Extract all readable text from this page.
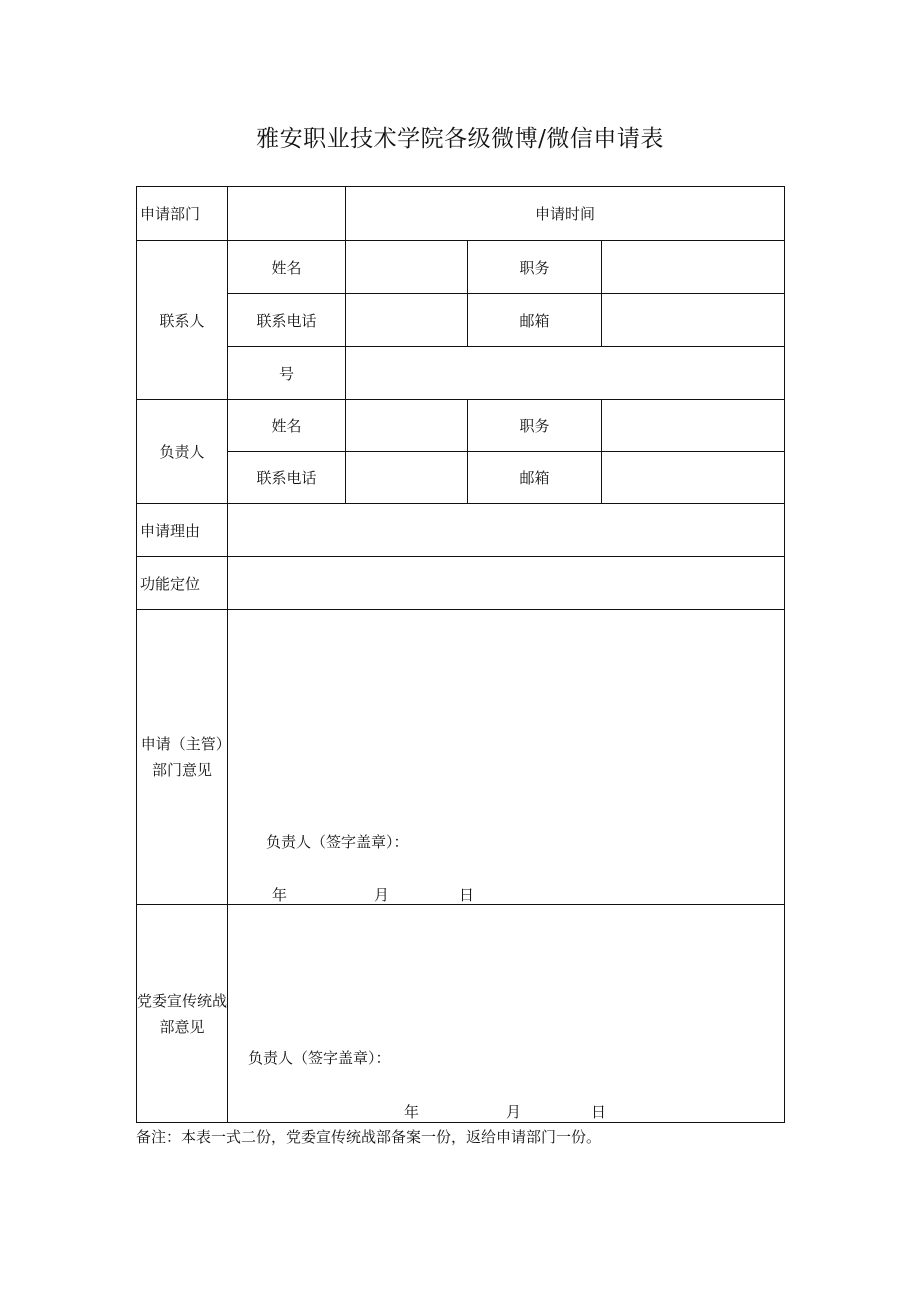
雅安职业技术学院各级微博/微信申请表
申请部门		申请时间		
联系人	姓名		职务	
	联系电话		邮箱	
	号			
负责人	姓名		职务	
	联系电话		邮箱	
申请理由				
功能定位				

申请（主管）部门意见	负责人（签字盖章）：
年 月 日			

党委宣传统战部意见	负责人（签字盖章）：
年 月 日			
备注：本表一式二份，党委宣传统战部备案一份，返给申请部门一份。
